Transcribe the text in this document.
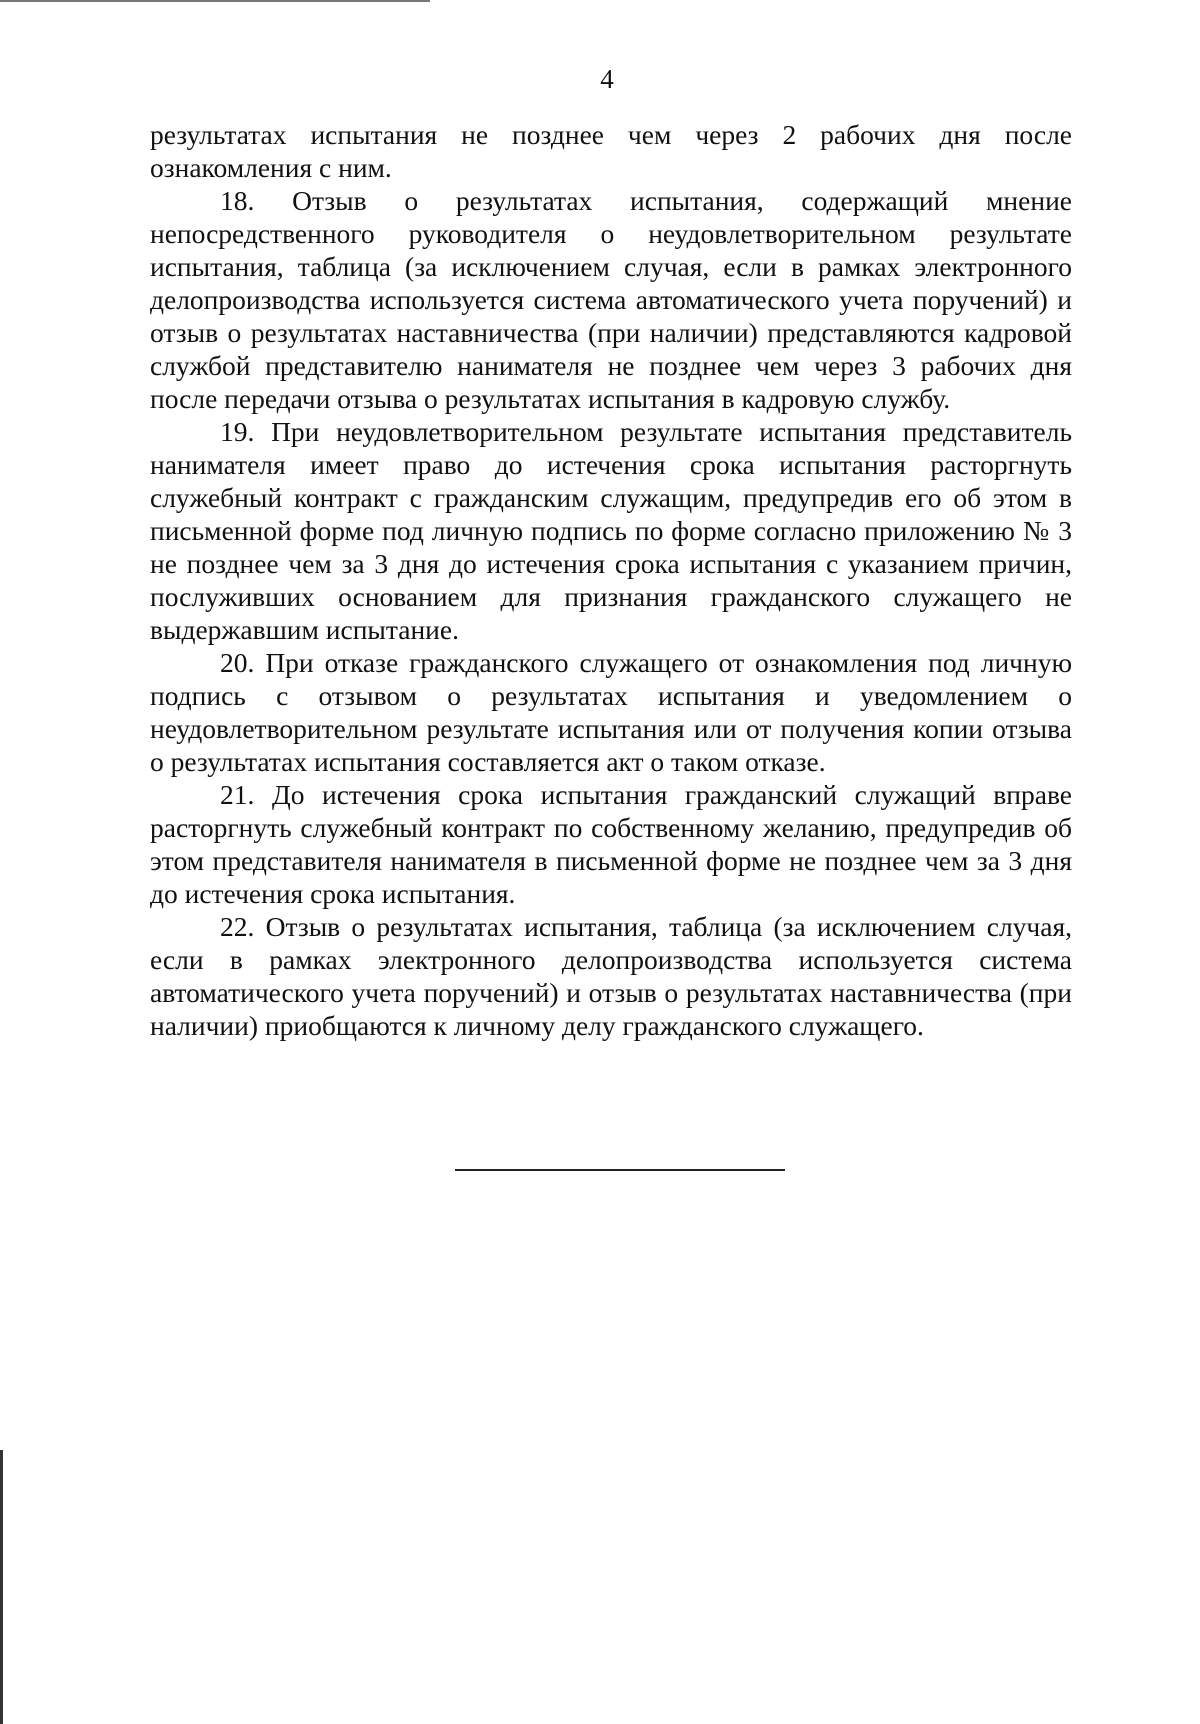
4

результатах испытания не позднее чем через 2 рабочих дня после ознакомления с ним.

18. Отзыв о результатах испытания, содержащий мнение непосредственного руководителя о неудовлетворительном результате испытания, таблица (за исключением случая, если в рамках электронного делопроизводства используется система автоматического учета поручений) и отзыв о результатах наставничества (при наличии) представляются кадровой службой представителю нанимателя не позднее чем через 3 рабочих дня после передачи отзыва о результатах испытания в кадровую службу.

19. При неудовлетворительном результате испытания представитель нанимателя имеет право до истечения срока испытания расторгнуть служебный контракт с гражданским служащим, предупредив его об этом в письменной форме под личную подпись по форме согласно приложению № 3 не позднее чем за 3 дня до истечения срока испытания с указанием причин, послуживших основанием для признания гражданского служащего не выдержавшим испытание.

20. При отказе гражданского служащего от ознакомления под личную подпись с отзывом о результатах испытания и уведомлением о неудовлетворительном результате испытания или от получения копии отзыва о результатах испытания составляется акт о таком отказе.

21. До истечения срока испытания гражданский служащий вправе расторгнуть служебный контракт по собственному желанию, предупредив об этом представителя нанимателя в письменной форме не позднее чем за 3 дня до истечения срока испытания.

22. Отзыв о результатах испытания, таблица (за исключением случая, если в рамках электронного делопроизводства используется система автоматического учета поручений) и отзыв о результатах наставничества (при наличии) приобщаются к личному делу гражданского служащего.
